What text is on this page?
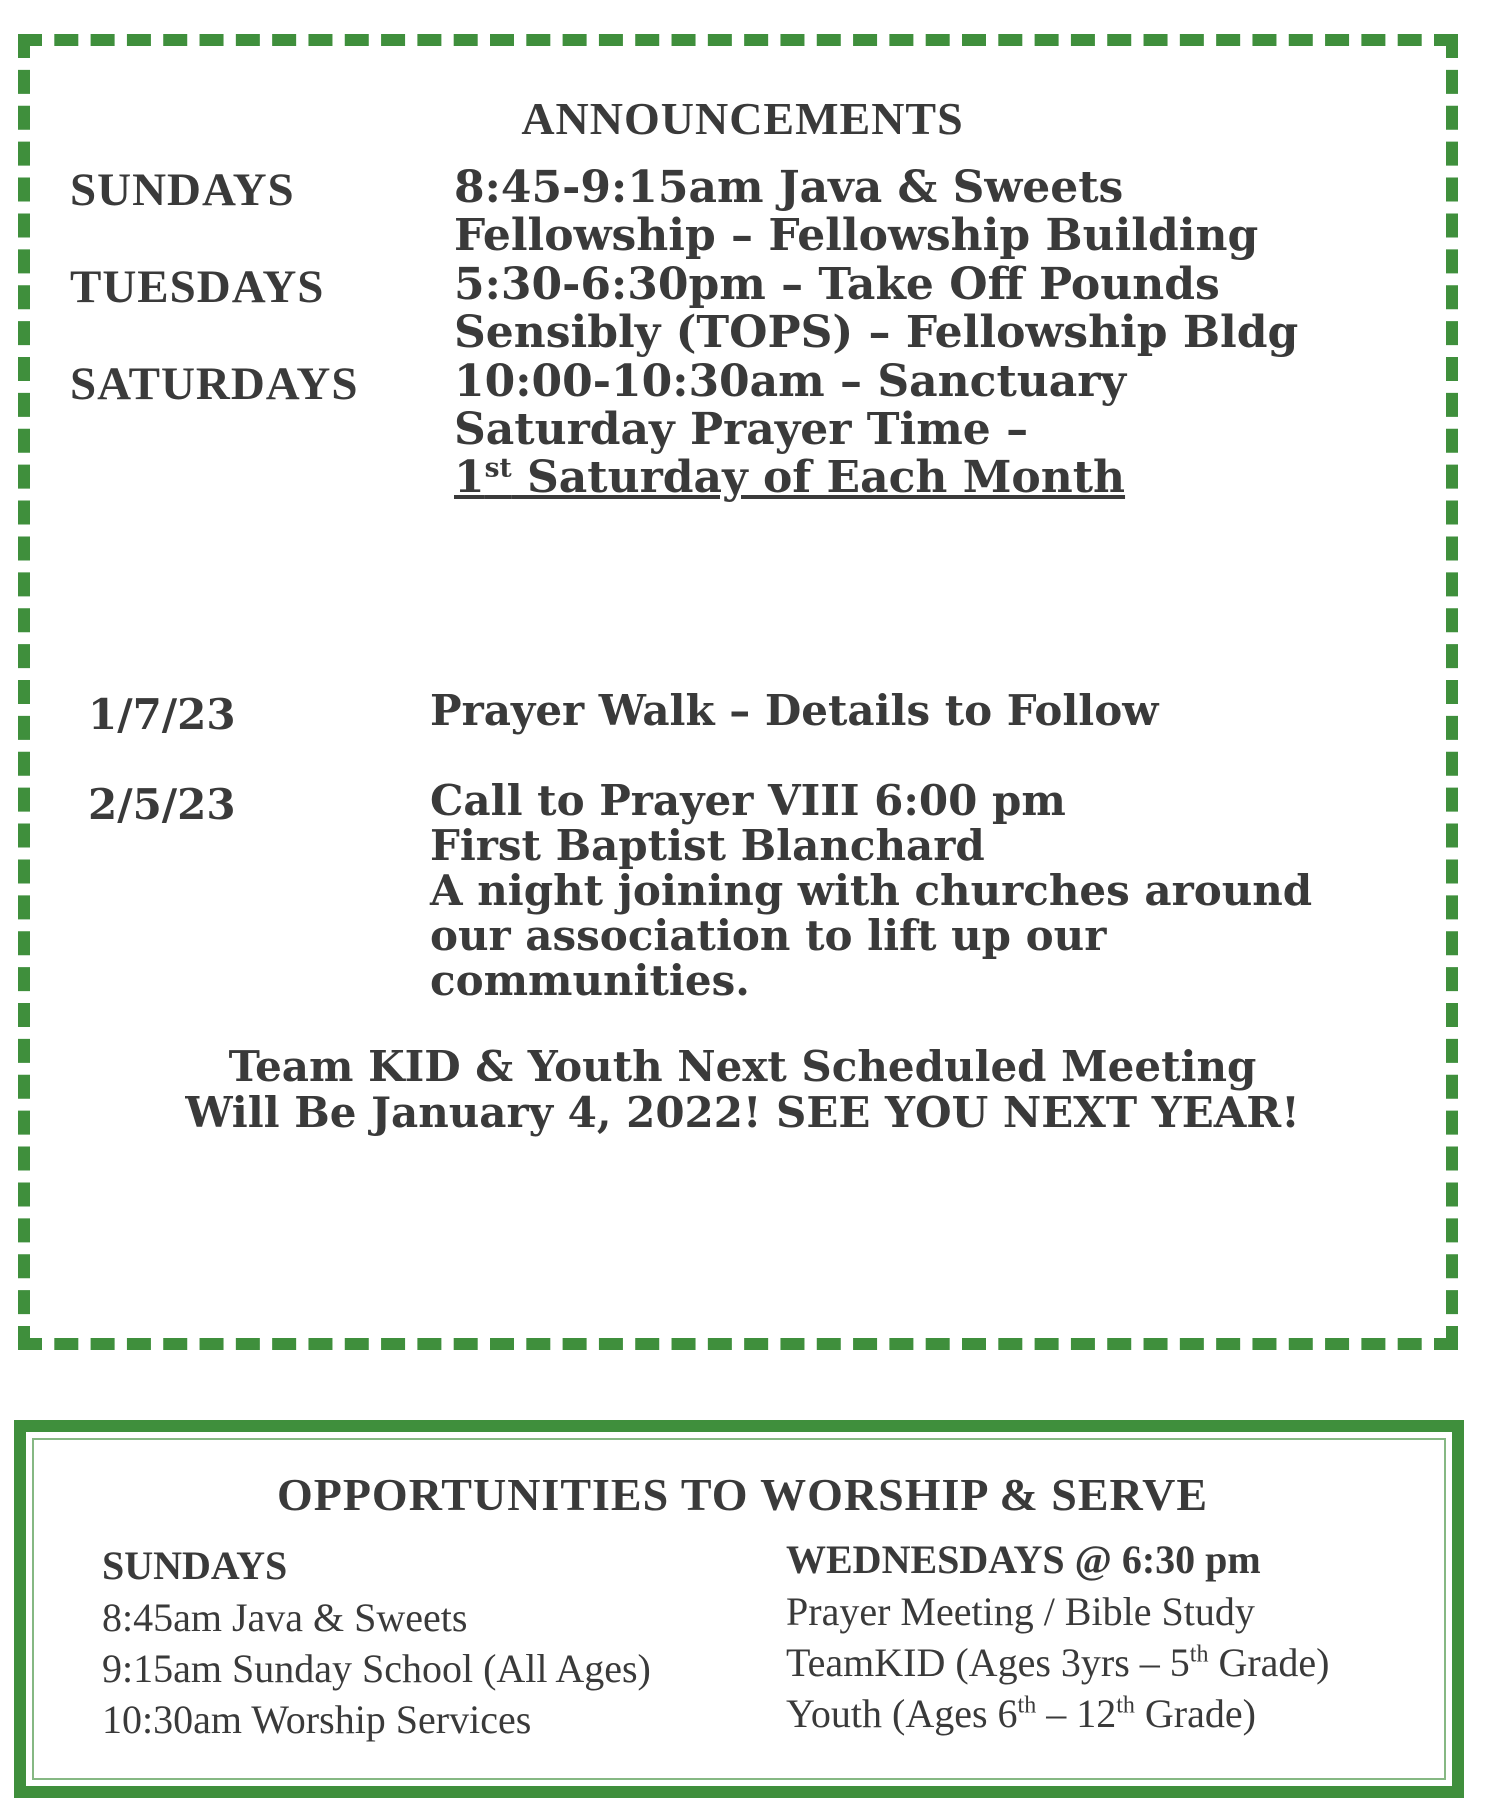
ANNOUNCEMENTS
SUNDAYS	8:45-9:15am Java & Sweets
Fellowship – Fellowship Building
TUESDAYS	5:30-6:30pm – Take Off Pounds
Sensibly (TOPS) – Fellowship Bldg
SATURDAYS 10:00-10:30am – Sanctuary
Saturday Prayer Time –
1st Saturday of Each Month
1/7/23	Prayer Walk – Details to Follow
2/5/23	Call to Prayer VIII 6:00 pm
First Baptist Blanchard
A night joining with churches around
our association to lift up our
communities.
Team KID & Youth Next Scheduled Meeting
Will Be January 4, 2022! SEE YOU NEXT YEAR!
OPPORTUNITIES TO WORSHIP & SERVE
SUNDAYS
8:45am Java & Sweets
9:15am Sunday School (All Ages)
10:30am Worship Services
WEDNESDAYS @ 6:30 pm
Prayer Meeting / Bible Study
TeamKID (Ages 3yrs – 5th Grade)
Youth (Ages 6th – 12th Grade)
